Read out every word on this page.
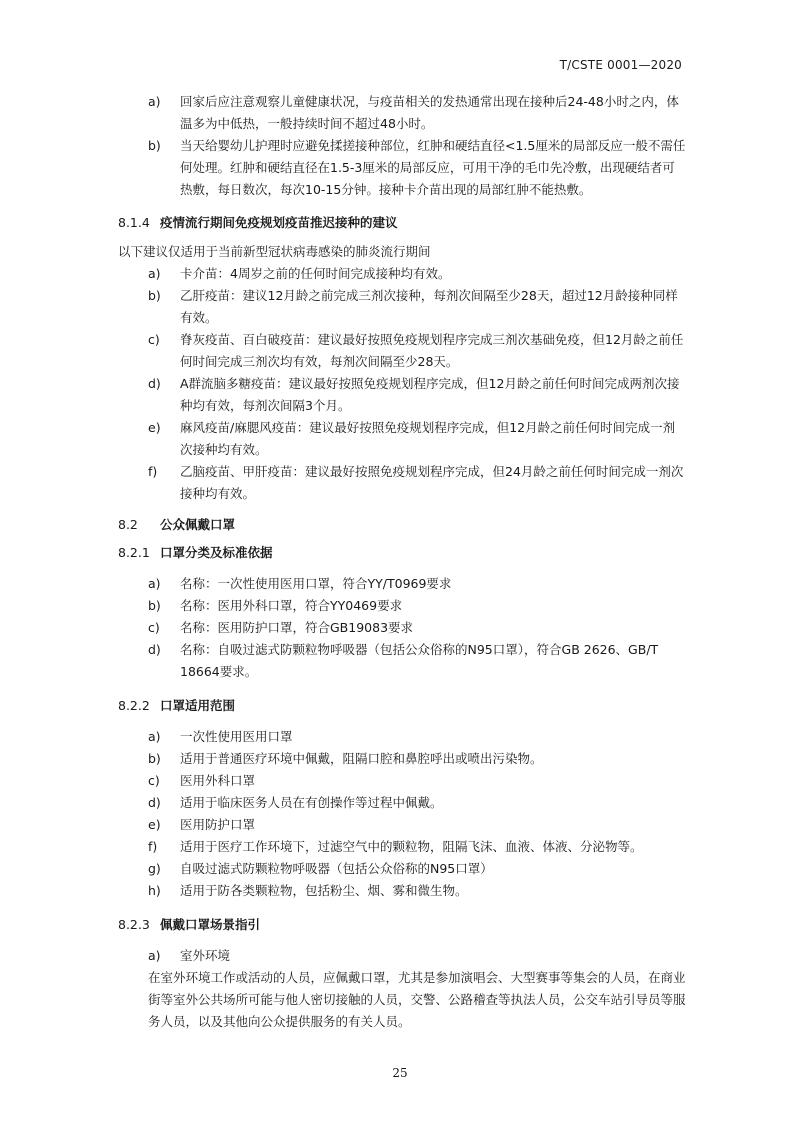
T/CSTE 0001—2020
a)	回家后应注意观察儿童健康状况，与疫苗相关的发热通常出现在接种后24-48小时之内，体温多为中低热，一般持续时间不超过48小时。
b)	当天给婴幼儿护理时应避免揉搓接种部位，红肿和硬结直径<1.5厘米的局部反应一般不需任何处理。红肿和硬结直径在1.5-3厘米的局部反应，可用干净的毛巾先冷敷，出现硬结者可热敷，每日数次，每次10-15分钟。接种卡介苗出现的局部红肿不能热敷。
8.1.4 疫情流行期间免疫规划疫苗推迟接种的建议
以下建议仅适用于当前新型冠状病毒感染的肺炎流行期间
a)	卡介苗：4周岁之前的任何时间完成接种均有效。
b)	乙肝疫苗：建议12月龄之前完成三剂次接种，每剂次间隔至少28天，超过12月龄接种同样有效。
c)	脊灰疫苗、百白破疫苗：建议最好按照免疫规划程序完成三剂次基础免疫，但12月龄之前任何时间完成三剂次均有效，每剂次间隔至少28天。
d)	A群流脑多糖疫苗：建议最好按照免疫规划程序完成，但12月龄之前任何时间完成两剂次接种均有效，每剂次间隔3个月。
e)	麻风疫苗/麻腮风疫苗：建议最好按照免疫规划程序完成，但12月龄之前任何时间完成一剂次接种均有效。
f)	乙脑疫苗、甲肝疫苗：建议最好按照免疫规划程序完成，但24月龄之前任何时间完成一剂次接种均有效。
8.2 公众佩戴口罩
8.2.1 口罩分类及标准依据
a)	名称：一次性使用医用口罩，符合YY/T0969要求
b)	名称：医用外科口罩，符合YY0469要求
c)	名称：医用防护口罩，符合GB19083要求
d)	名称：自吸过滤式防颗粒物呼吸器（包括公众俗称的N95口罩），符合GB 2626、GB/T 18664要求。
8.2.2 口罩适用范围
a)	一次性使用医用口罩
b)	适用于普通医疗环境中佩戴，阻隔口腔和鼻腔呼出或喷出污染物。
c)	医用外科口罩
d)	适用于临床医务人员在有创操作等过程中佩戴。
e)	医用防护口罩
f)	适用于医疗工作环境下，过滤空气中的颗粒物，阻隔飞沫、血液、体液、分泌物等。
g)	自吸过滤式防颗粒物呼吸器（包括公众俗称的N95口罩）
h)	适用于防各类颗粒物，包括粉尘、烟、雾和微生物。
8.2.3 佩戴口罩场景指引
a)	室外环境
在室外环境工作或活动的人员，应佩戴口罩，尤其是参加演唱会、大型赛事等集会的人员，在商业街等室外公共场所可能与他人密切接触的人员，交警、公路稽查等执法人员，公交车站引导员等服务人员，以及其他向公众提供服务的有关人员。
25
